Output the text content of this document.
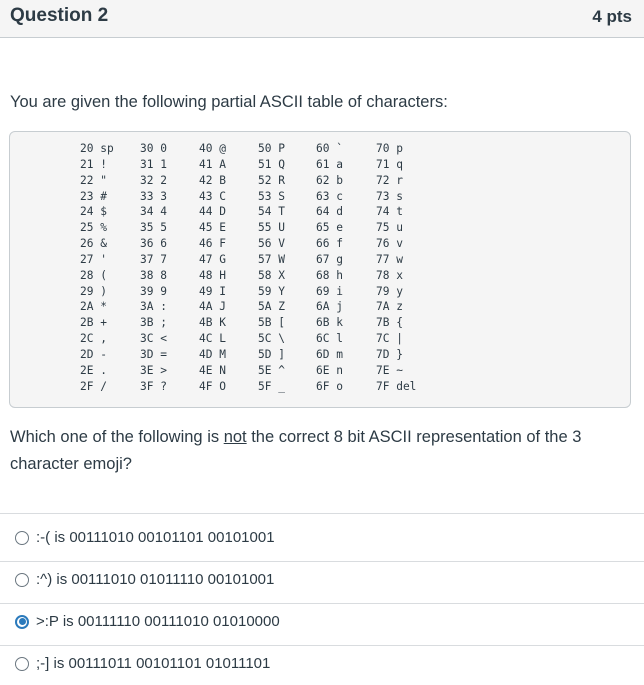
Question 2	4 pts
You are given the following partial ASCII table of characters:
20 sp
21 !
22 "
23 #
24 $
25 %
26 &
27 '
28 (
29 )
2A *
2B +
2C ,
2D -
2E .
2F /
30 0
31 1
32 2
33 3
34 4
35 5
36 6
37 7
38 8
39 9
3A :
3B ;
3C <
3D =
3E >
3F ?
40 @
41 A
42 B
43 C
44 D
45 E
46 F
47 G
48 H
49 I
4A J
4B K
4C L
4D M
4E N
4F O
50 P
51 Q
52 R
53 S
54 T
55 U
56 V
57 W
58 X
59 Y
5A Z
5B [
5C \
5D ]
5E ^
5F _
60 `
61 a
62 b
63 c
64 d
65 e
66 f
67 g
68 h
69 i
6A j
6B k
6C l
6D m
6E n
6F o
70 p
71 q
72 r
73 s
74 t
75 u
76 v
77 w
78 x
79 y
7A z
7B {
7C |
7D }
7E ~
7F del
Which one of the following is not the correct 8 bit ASCII representation of the 3 character emoji?
:-( is 00111010 00101101 00101001
:^) is 00111010 01011110 00101001
>:P is 00111110 00111010 01010000
;-] is 00111011 00101101 01011101
